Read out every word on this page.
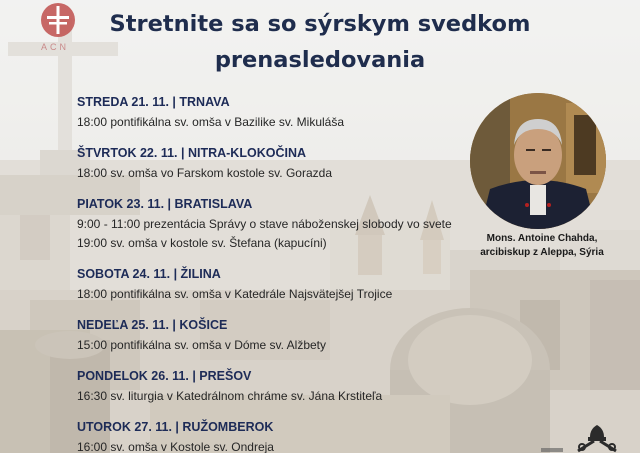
ACN
Stretnite sa so sýrskym svedkom
prenasledovania
STREDA 21. 11. | TRNAVA
18:00 pontifikálna sv. omša v Bazilike sv. Mikuláša
ŠTVRTOK 22. 11. | NITRA-KLOKOČINA
18:00 sv. omša vo Farskom kostole sv. Gorazda
PIATOK 23. 11. | BRATISLAVA
9:00 - 11:00 prezentácia Správy o stave náboženskej slobody vo svete
19:00 sv. omša v kostole sv. Štefana (kapucíni)
SOBOTA 24. 11. | ŽILINA
18:00 pontifikálna sv. omša v Katedrále Najsvätejšej Trojice
NEDEĽA 25. 11. | KOŠICE
15:00 pontifikálna sv. omša v Dóme sv. Alžbety
PONDELOK 26. 11. | PREŠOV
16:30 sv. liturgia v Katedrálnom chráme sv. Jána Krstiteľa
UTOROK 27. 11. | RUŽOMBEROK
16:00 sv. omša v Kostole sv. Ondreja
Mons. Antoine Chahda,
arcibiskup z Aleppa, Sýria
